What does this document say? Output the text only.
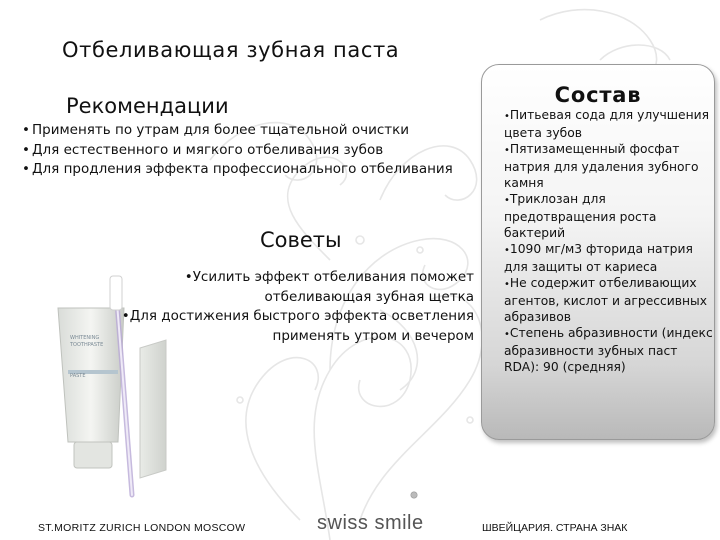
Отбеливающая зубная паста
Рекомендации
• Применять по утрам для более тщательной очистки
• Для естественного и мягкого отбеливания зубов
• Для продления эффекта профессионального отбеливания
Советы
WHITENING
TOOTHPASTE
PASTE
• Усилить эффект отбеливания поможет отбеливающая зубная щетка
• Для достижения быстрого эффекта осветления применять утром и вечером
Состав
• Питьевая сода для улучшения цвета зубов
• Пятизамещенный фосфат натрия для удаления зубного камня
• Триклозан для предотвращения роста бактерий
• 1090 мг/м3 фторида натрия для защиты от кариеса
• Не содержит отбеливающих агентов, кислот и агрессивных абразивов
• Степень абразивности (индекс абразивности зубных паст RDA): 90 (средняя)
ST.MORITZ ZURICH LONDON MOSCOW	swiss smile	ШВЕЙЦАРИЯ. СТРАНА ЗНАК
